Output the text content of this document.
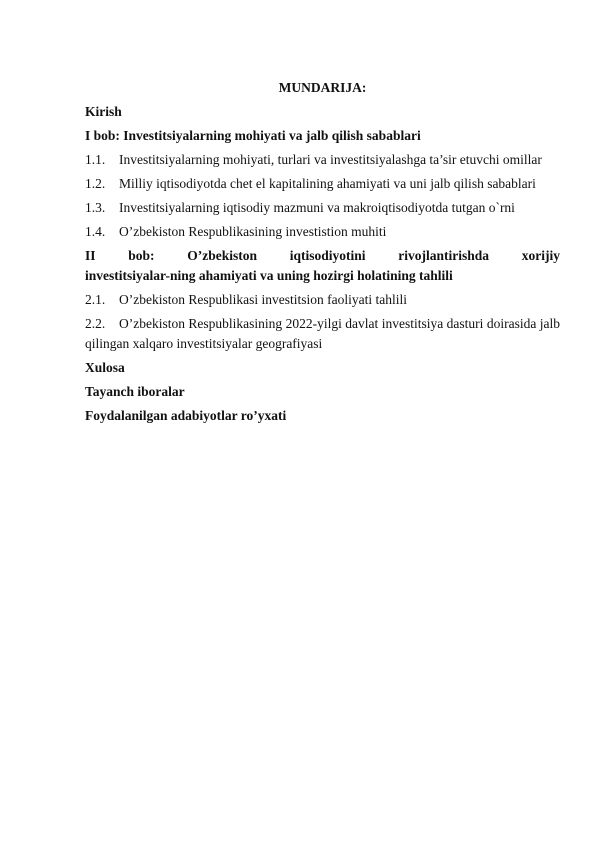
MUNDARIJA:
Kirish
I bob: Investitsiyalarning mohiyati va jalb qilish sabablari
1.1. Investitsiyalarning mohiyati, turlari va investitsiyalashga ta’sir etuvchi omillar
1.2. Milliy iqtisodiyotda chet el kapitalining ahamiyati va uni jalb qilish sabablari
1.3. Investitsiyalarning iqtisodiy mazmuni va makroiqtisodiyotda tutgan o`rni
1.4. O’zbekiston Respublikasining investistion muhiti
II bob: O’zbekiston iqtisodiyotini rivojlantirishda xorijiy
investitsiyalar-ning ahamiyati va uning hozirgi holatining tahlili
2.1. O’zbekiston Respublikasi investitsion faoliyati tahlili
2.2. O’zbekiston Respublikasining 2022-yilgi davlat investitsiya dasturi doirasida jalb qilingan xalqaro investitsiyalar geografiyasi
Xulosa
Tayanch iboralar
Foydalanilgan adabiyotlar ro’yxati
